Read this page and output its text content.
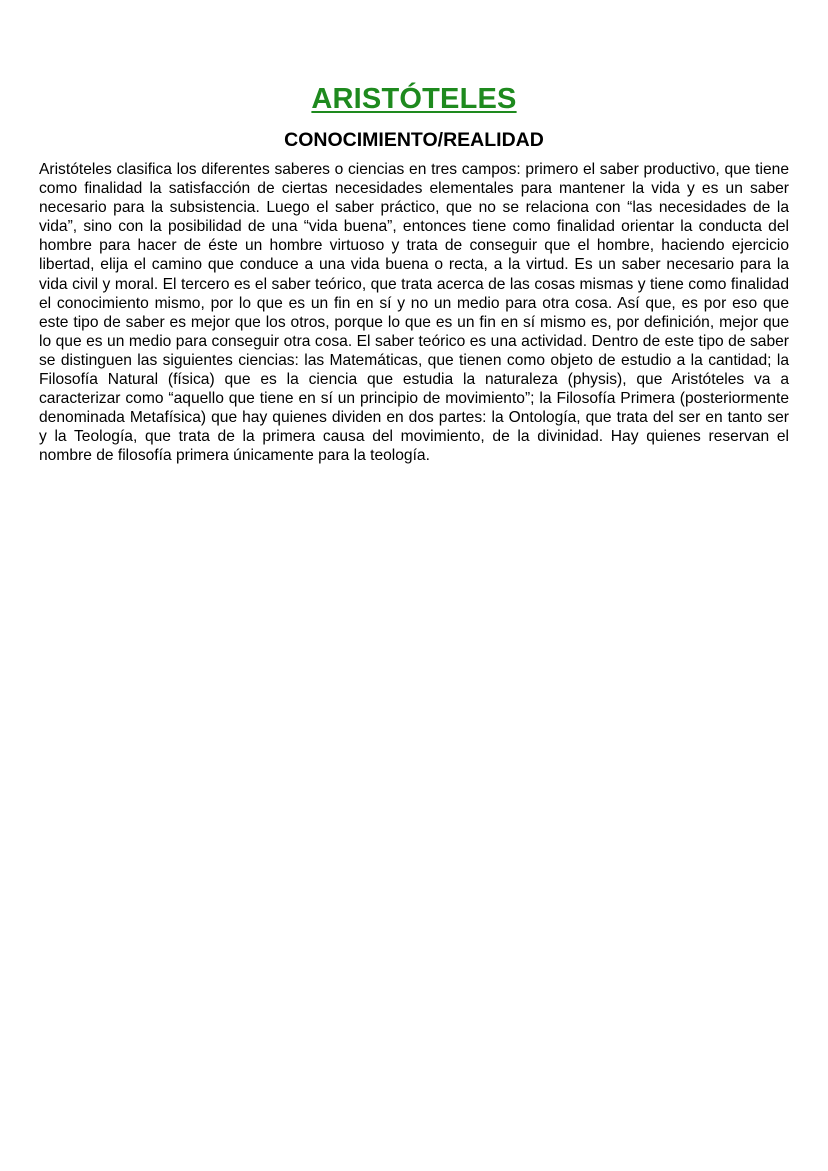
ARISTÓTELES
CONOCIMIENTO/REALIDAD

Aristóteles clasifica los diferentes saberes o ciencias en tres campos: primero el saber productivo, que tiene como finalidad la satisfacción de ciertas necesidades elementales para mantener la vida y es un saber necesario para la subsistencia. Luego el saber práctico, que no se relaciona con “las necesidades de la vida”, sino con la posibilidad de una “vida buena”, entonces tiene como finalidad orientar la conducta del hombre para hacer de éste un hombre virtuoso y trata de conseguir que el hombre, haciendo ejercicio libertad, elija el camino que conduce a una vida buena o recta, a la virtud. Es un saber necesario para la vida civil y moral. El tercero es el saber teórico, que trata acerca de las cosas mismas y tiene como finalidad el conocimiento mismo, por lo que es un fin en sí y no un medio para otra cosa. Así que, es por eso que este tipo de saber es mejor que los otros, porque lo que es un fin en sí mismo es, por definición, mejor que lo que es un medio para conseguir otra cosa. El saber teórico es una actividad. Dentro de este tipo de saber se distinguen las siguientes ciencias: las Matemáticas, que tienen como objeto de estudio a la cantidad; la Filosofía Natural (física) que es la ciencia que estudia la naturaleza (physis), que Aristóteles va a caracterizar como “aquello que tiene en sí un principio de movimiento”; la Filosofía Primera (posteriormente denominada Metafísica) que hay quienes dividen en dos partes: la Ontología, que trata del ser en tanto ser y la Teología, que trata de la primera causa del movimiento, de la divinidad. Hay quienes reservan el nombre de filosofía primera únicamente para la teología.
